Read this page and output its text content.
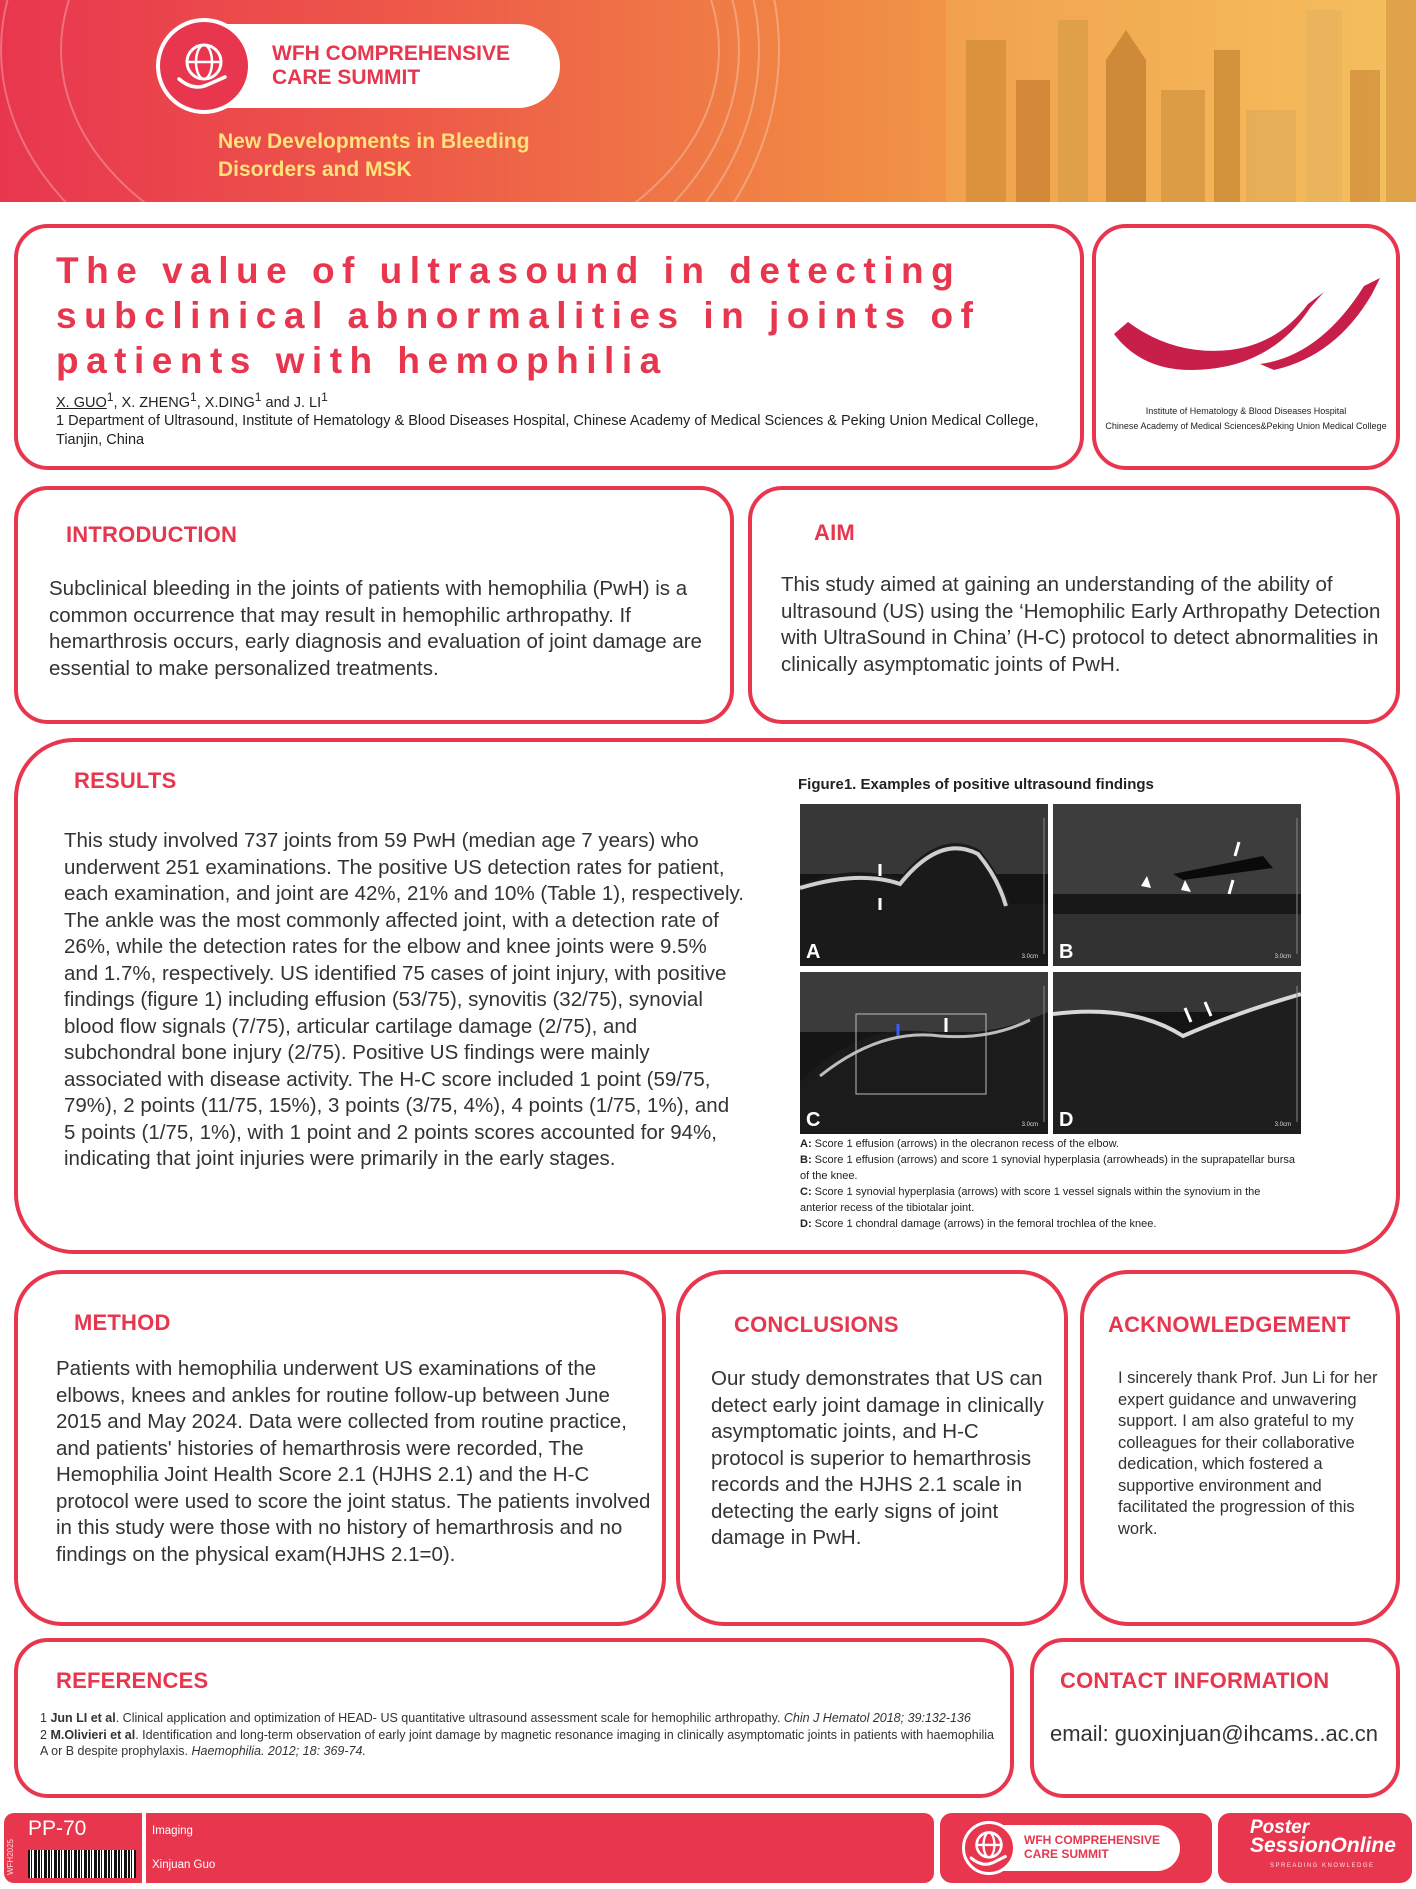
WFH COMPREHENSIVE
CARE SUMMIT
New Developments in Bleeding
Disorders and MSK
The value of ultrasound in detecting subclinical abnormalities in joints of patients with hemophilia
X. GUO$^1$, X. ZHENG$^1$, X.DING$^1$ and J. $LI^1$
1 Department of Ultrasound, Institute of Hematology & Blood Diseases Hospital, Chinese Academy of Medical Sciences & Peking Union Medical College, Tianjin, China
Institute of Hematology & Blood Diseases Hospital
Chinese Academy of Medical Sciences&Peking Union Medical College
INTRODUCTION
Subclinical bleeding in the joints of patients with hemophilia (PwH) is a common occurrence that may result in hemophilic arthropathy. If hemarthrosis occurs, early diagnosis and evaluation of joint damage are essential to make personalized treatments.
AIM
This study aimed at gaining an understanding of the ability of ultrasound (US) using the ‘Hemophilic Early Arthropathy Detection with UltraSound in China’ (H-C) protocol to detect abnormalities in clinically asymptomatic joints of PwH.
RESULTS
This study involved 737 joints from 59 PwH (median age 7 years) who underwent 251 examinations. The positive US detection rates for patient, each examination, and joint are 42%, 21% and 10% (Table 1), respectively. The ankle was the most commonly affected joint, with a detection rate of 26%, while the detection rates for the elbow and knee joints were 9.5% and 1.7%, respectively. US identified 75 cases of joint injury, with positive findings (figure 1) including effusion (53/75), synovitis (32/75), synovial blood flow signals (7/75), articular cartilage damage (2/75), and subchondral bone injury (2/75). Positive US findings were mainly associated with disease activity. The H-C score included 1 point (59/75, 79%), 2 points (11/75, 15%), 3 points (3/75, 4%), 4 points (1/75, 1%), and 5 points (1/75, 1%), with 1 point and 2 points scores accounted for 94%, indicating that joint injuries were primarily in the early stages.
Figure1. Examples of positive ultrasound findings
A	3.0cm B	3.0cm
C	3.0cm D	3.0cm
A: Score 1 effusion (arrows) in the olecranon recess of the elbow.
B: Score 1 effusion (arrows) and score 1 synovial hyperplasia (arrowheads) in the suprapatellar bursa of the knee.
C: Score 1 synovial hyperplasia (arrows) with score 1 vessel signals within the synovium in the anterior recess of the tibiotalar joint.
D: Score 1 chondral damage (arrows) in the femoral trochlea of the knee.
METHOD
Patients with hemophilia underwent US examinations of the elbows, knees and ankles for routine follow-up between June 2015 and May 2024. Data were collected from routine practice, and patients' histories of hemarthrosis were recorded, The Hemophilia Joint Health Score 2.1 (HJHS 2.1) and the H-C protocol were used to score the joint status. The patients involved in this study were those with no history of hemarthrosis and no findings on the physical exam(HJHS 2.1=0).
CONCLUSIONS
Our study demonstrates that US can detect early joint damage in clinically asymptomatic joints, and H-C protocol is superior to hemarthrosis records and the HJHS 2.1 scale in detecting the early signs of joint damage in PwH.
ACKNOWLEDGEMENT
I sincerely thank Prof. Jun Li for her expert guidance and unwavering support. I am also grateful to my colleagues for their collaborative dedication, which fostered a supportive environment and facilitated the progression of this work.
REFERENCES
1 Jun LI et al. Clinical application and optimization of HEAD- US quantitative ultrasound assessment scale for hemophilic arthropathy. Chin J Hematol 2018; 39:132-136
2 M.Olivieri et al. Identification and long-term observation of early joint damage by magnetic resonance imaging in clinically asymptomatic joints in patients with haemophilia A or B despite prophylaxis. Haemophilia. 2012; 18: 369-74.
CONTACT INFORMATION
email: guoxinjuan@ihcams..ac.cn
WFH2025
PP-70	Imaging
Xinjuan Guo
WFH COMPREHENSIVE
CARE SUMMIT
Poster
SessionOnline
SPREADING KNOWLEDGE
